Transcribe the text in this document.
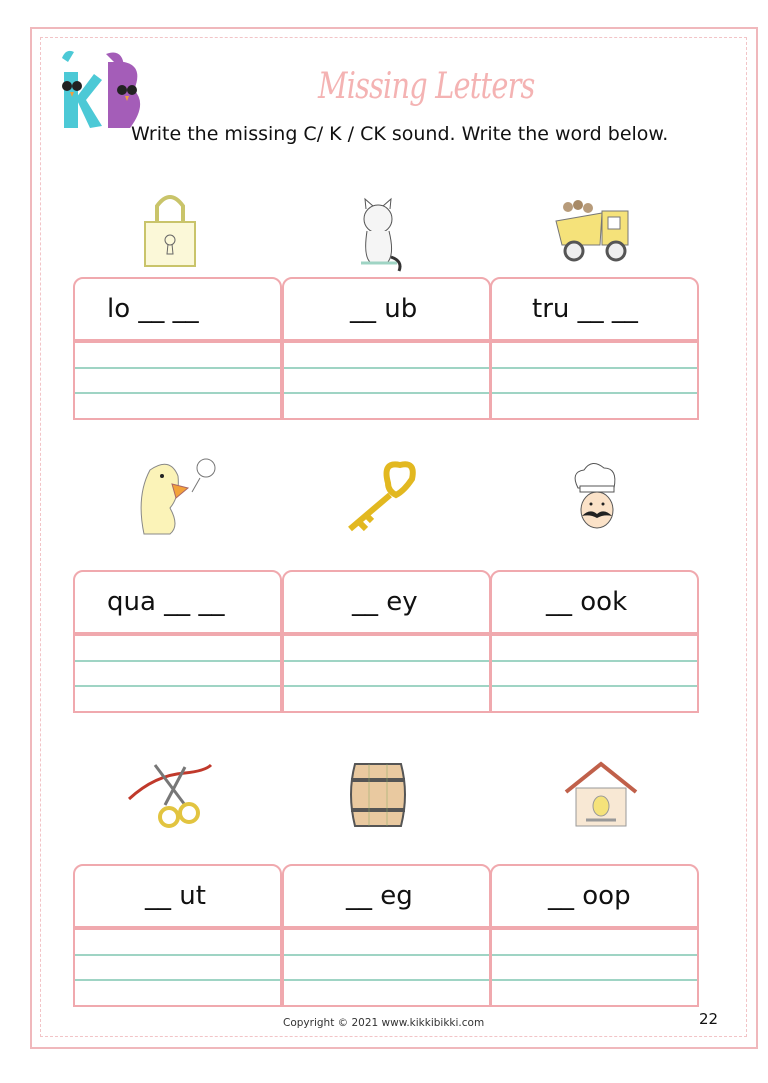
Missing Letters
Write the missing C/ K / CK sound. Write the word below.
lo __ __	__ ub	tru __ __
qua __ __	__ ey	__ ook
__ ut	__ eg	__ oop
Copyright © 2021 www.kikkibikki.com	22
